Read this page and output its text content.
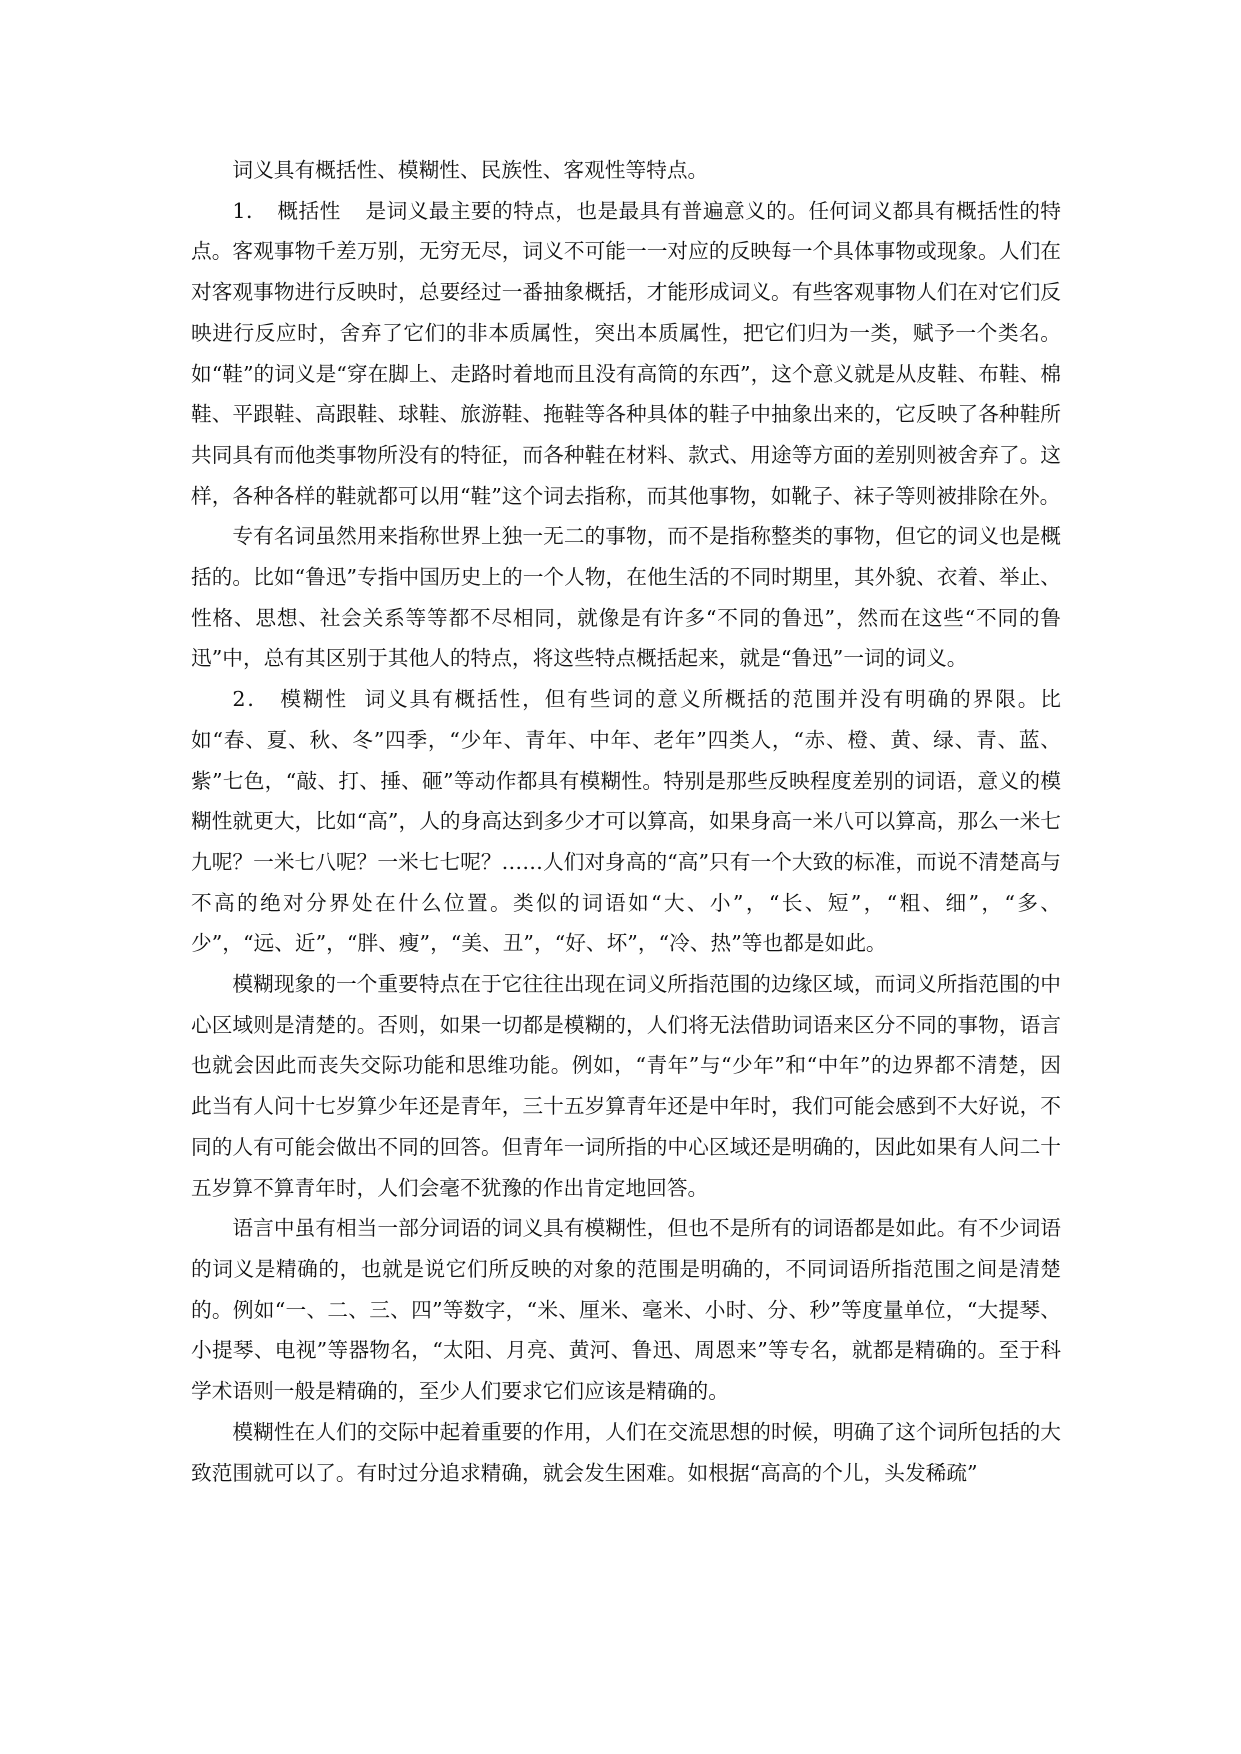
词义具有概括性、模糊性、民族性、客观性等特点。

1． 概括性 是词义最主要的特点，也是最具有普遍意义的。任何词义都具有概括性的特点。客观事物千差万别，无穷无尽，词义不可能一一对应的反映每一个具体事物或现象。人们在对客观事物进行反映时，总要经过一番抽象概括，才能形成词义。有些客观事物人们在对它们反映进行反应时，舍弃了它们的非本质属性，突出本质属性，把它们归为一类，赋予一个类名。如“鞋”的词义是“穿在脚上、走路时着地而且没有高筒的东西”，这个意义就是从皮鞋、布鞋、棉鞋、平跟鞋、高跟鞋、球鞋、旅游鞋、拖鞋等各种具体的鞋子中抽象出来的，它反映了各种鞋所共同具有而他类事物所没有的特征，而各种鞋在材料、款式、用途等方面的差别则被舍弃了。这样，各种各样的鞋就都可以用“鞋”这个词去指称，而其他事物，如靴子、袜子等则被排除在外。

专有名词虽然用来指称世界上独一无二的事物，而不是指称整类的事物，但它的词义也是概括的。比如“鲁迅”专指中国历史上的一个人物，在他生活的不同时期里，其外貌、衣着、举止、性格、思想、社会关系等等都不尽相同，就像是有许多“不同的鲁迅”，然而在这些“不同的鲁迅”中，总有其区别于其他人的特点，将这些特点概括起来，就是“鲁迅”一词的词义。

2． 模糊性 词义具有概括性，但有些词的意义所概括的范围并没有明确的界限。比如“春、夏、秋、冬”四季，“少年、青年、中年、老年”四类人，“赤、橙、黄、绿、青、蓝、紫”七色，“敲、打、捶、砸”等动作都具有模糊性。特别是那些反映程度差别的词语，意义的模糊性就更大，比如“高”，人的身高达到多少才可以算高，如果身高一米八可以算高，那么一米七九呢？一米七八呢？一米七七呢？……人们对身高的“高”只有一个大致的标准，而说不清楚高与不高的绝对分界处在什么位置。类似的词语如“大、小”，“长、短”，“粗、细”，“多、少”，“远、近”，“胖、瘦”，“美、丑”，“好、坏”，“冷、热”等也都是如此。

模糊现象的一个重要特点在于它往往出现在词义所指范围的边缘区域，而词义所指范围的中心区域则是清楚的。否则，如果一切都是模糊的，人们将无法借助词语来区分不同的事物，语言也就会因此而丧失交际功能和思维功能。例如，“青年”与“少年”和“中年”的边界都不清楚，因此当有人问十七岁算少年还是青年，三十五岁算青年还是中年时，我们可能会感到不大好说，不同的人有可能会做出不同的回答。但青年一词所指的中心区域还是明确的，因此如果有人问二十五岁算不算青年时，人们会毫不犹豫的作出肯定地回答。

语言中虽有相当一部分词语的词义具有模糊性，但也不是所有的词语都是如此。有不少词语的词义是精确的，也就是说它们所反映的对象的范围是明确的，不同词语所指范围之间是清楚的。例如“一、二、三、四”等数字，“米、厘米、毫米、小时、分、秒”等度量单位，“大提琴、小提琴、电视”等器物名，“太阳、月亮、黄河、鲁迅、周恩来”等专名，就都是精确的。至于科学术语则一般是精确的，至少人们要求它们应该是精确的。

模糊性在人们的交际中起着重要的作用，人们在交流思想的时候，明确了这个词所包括的大致范围就可以了。有时过分追求精确，就会发生困难。如根据“高高的个儿，头发稀疏”
